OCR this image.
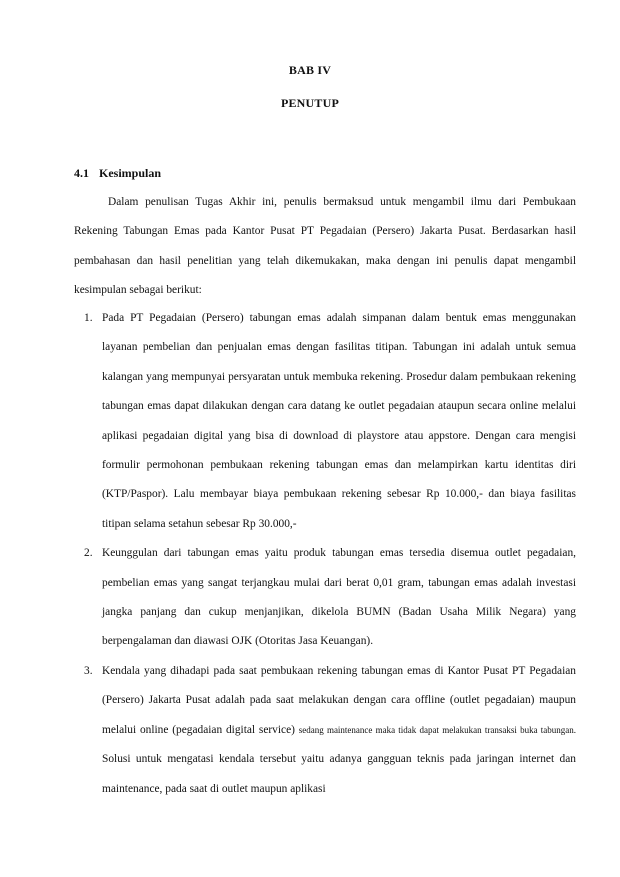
BAB IV
PENUTUP
4.1 Kesimpulan

Dalam penulisan Tugas Akhir ini, penulis bermaksud untuk mengambil ilmu dari Pembukaan Rekening Tabungan Emas pada Kantor Pusat PT Pegadaian (Persero) Jakarta Pusat. Berdasarkan hasil pembahasan dan hasil penelitian yang telah dikemukakan, maka dengan ini penulis dapat mengambil kesimpulan sebagai berikut:

1. Pada PT Pegadaian (Persero) tabungan emas adalah simpanan dalam bentuk emas menggunakan layanan pembelian dan penjualan emas dengan fasilitas titipan. Tabungan ini adalah untuk semua kalangan yang mempunyai persyaratan untuk membuka rekening. Prosedur dalam pembukaan rekening tabungan emas dapat dilakukan dengan cara datang ke outlet pegadaian ataupun secara online melalui aplikasi pegadaian digital yang bisa di download di playstore atau appstore. Dengan cara mengisi formulir permohonan pembukaan rekening tabungan emas dan melampirkan kartu identitas diri (KTP/Paspor). Lalu membayar biaya pembukaan rekening sebesar Rp 10.000,- dan biaya fasilitas titipan selama setahun sebesar Rp 30.000,-
2. Keunggulan dari tabungan emas yaitu produk tabungan emas tersedia disemua outlet pegadaian, pembelian emas yang sangat terjangkau mulai dari berat 0,01 gram, tabungan emas adalah investasi jangka panjang dan cukup menjanjikan, dikelola BUMN (Badan Usaha Milik Negara) yang berpengalaman dan diawasi OJK (Otoritas Jasa Keuangan).
3. Kendala yang dihadapi pada saat pembukaan rekening tabungan emas di Kantor Pusat PT Pegadaian (Persero) Jakarta Pusat adalah pada saat melakukan dengan cara offline (outlet pegadaian) maupun melalui online (pegadaian digital service) sedang maintenance maka tidak dapat melakukan transaksi buka tabungan. Solusi untuk mengatasi kendala tersebut yaitu adanya gangguan teknis pada jaringan internet dan maintenance, pada saat di outlet maupun aplikasi
